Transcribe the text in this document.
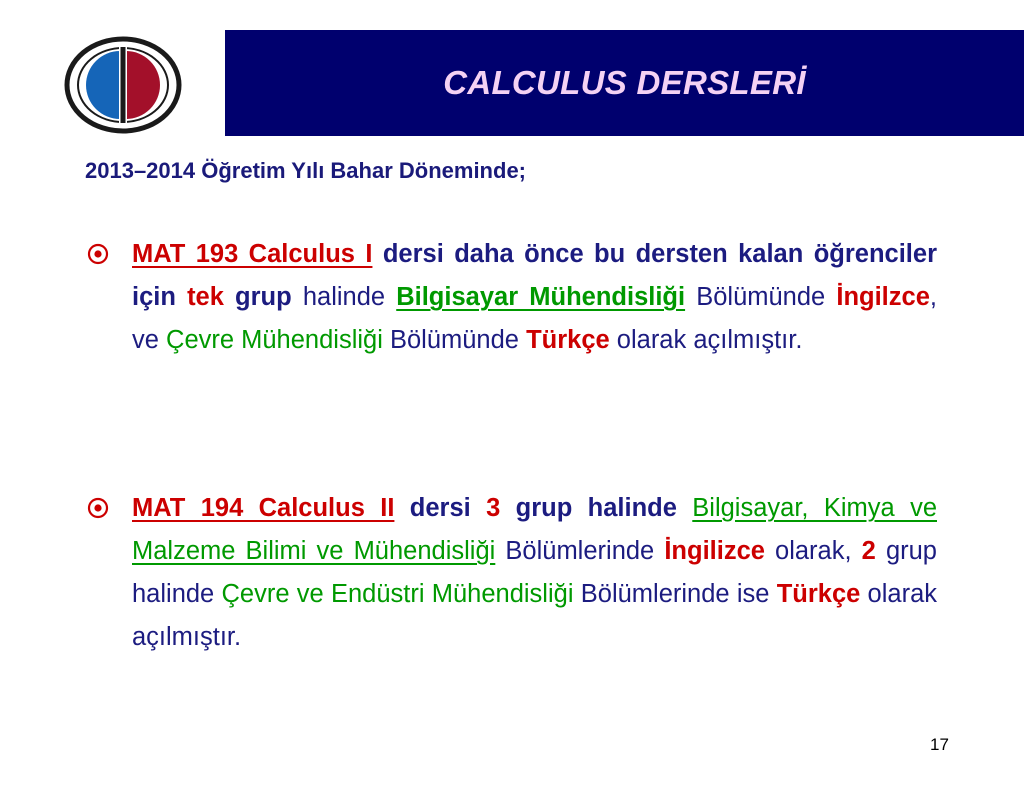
CALCULUS DERSLERİ
2013–2014 Öğretim Yılı Bahar Döneminde;
MAT 193 Calculus I dersi daha önce bu dersten kalan öğrenciler için tek grup halinde Bilgisayar Mühendisliği Bölümünde İngilzce, ve Çevre Mühendisliği Bölümünde Türkçe olarak açılmıştır.
MAT 194 Calculus II dersi 3 grup halinde Bilgisayar, Kimya ve Malzeme Bilimi ve Mühendisliği Bölümlerinde İngilizce olarak, 2 grup halinde Çevre ve Endüstri Mühendisliği Bölümlerinde ise Türkçe olarak açılmıştır.
17
